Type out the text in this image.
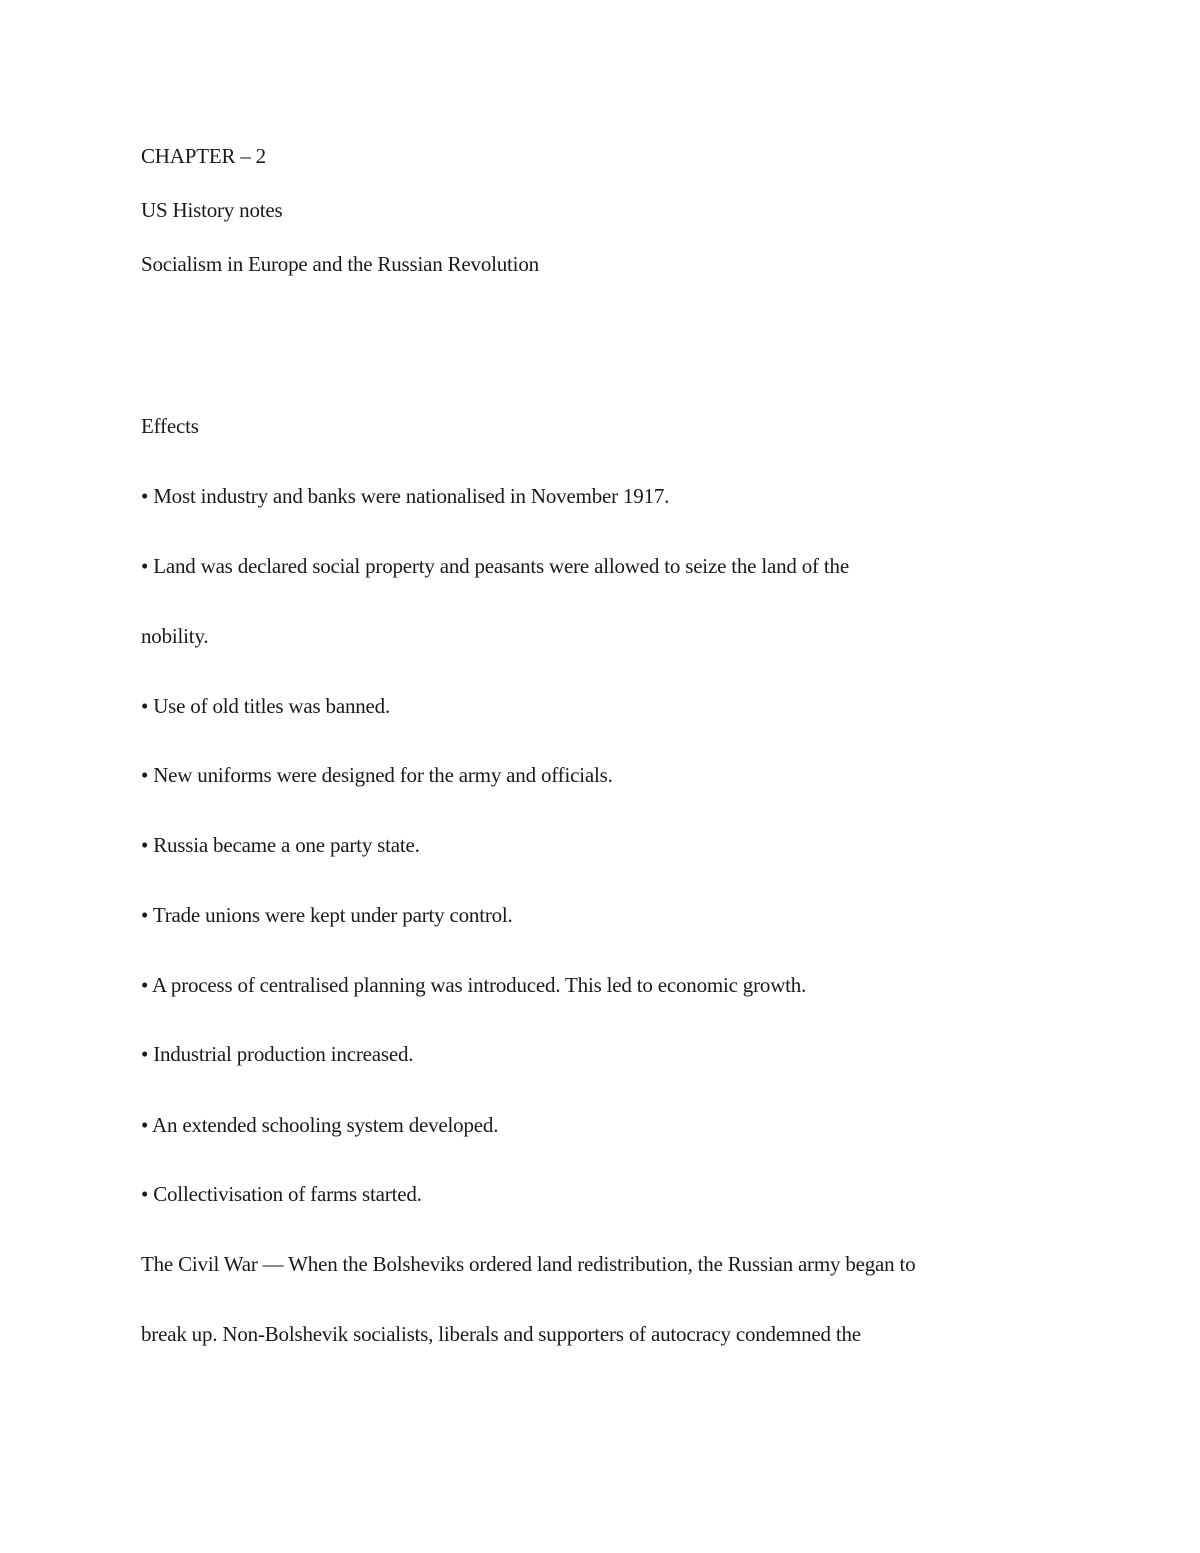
CHAPTER – 2
US History notes
Socialism in Europe and the Russian Revolution
Effects
• Most industry and banks were nationalised in November 1917.
• Land was declared social property and peasants were allowed to seize the land of the
nobility.
• Use of old titles was banned.
• New uniforms were designed for the army and officials.
• Russia became a one party state.
• Trade unions were kept under party control.
• A process of centralised planning was introduced. This led to economic growth.
• Industrial production increased.
• An extended schooling system developed.
• Collectivisation of farms started.
The Civil War — When the Bolsheviks ordered land redistribution, the Russian army began to
break up. Non-Bolshevik socialists, liberals and supporters of autocracy condemned the
